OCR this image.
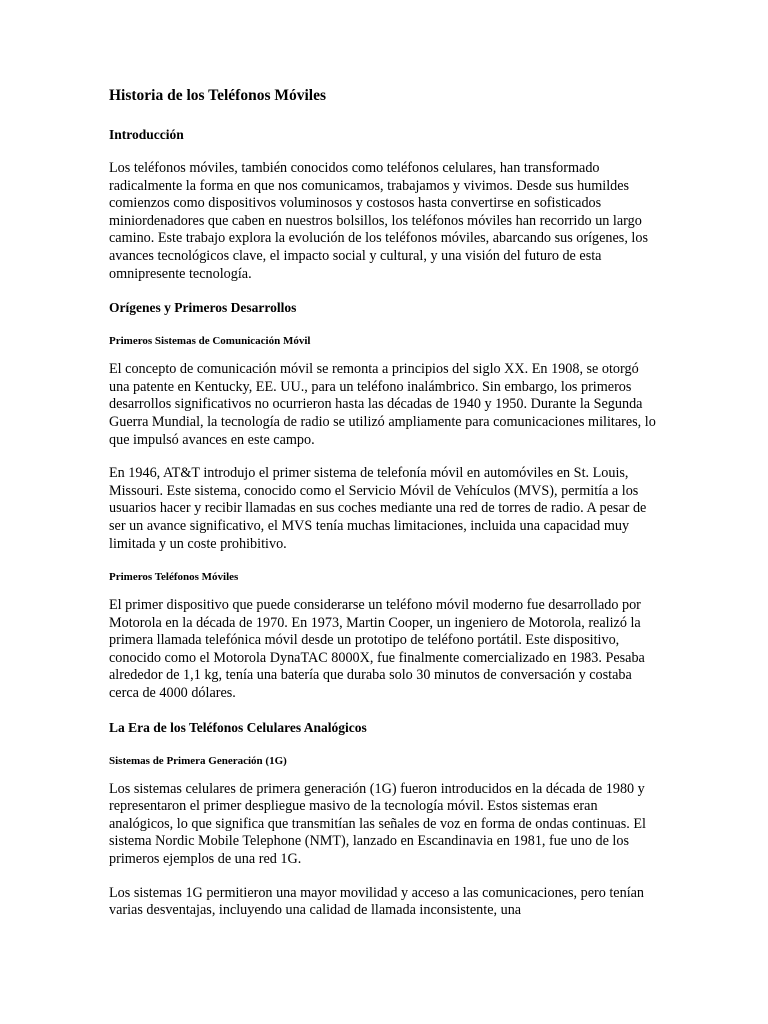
Historia de los Teléfonos Móviles
Introducción

Los teléfonos móviles, también conocidos como teléfonos celulares, han transformado radicalmente la forma en que nos comunicamos, trabajamos y vivimos. Desde sus humildes comienzos como dispositivos voluminosos y costosos hasta convertirse en sofisticados miniordenadores que caben en nuestros bolsillos, los teléfonos móviles han recorrido un largo camino. Este trabajo explora la evolución de los teléfonos móviles, abarcando sus orígenes, los avances tecnológicos clave, el impacto social y cultural, y una visión del futuro de esta omnipresente tecnología.

Orígenes y Primeros Desarrollos
Primeros Sistemas de Comunicación Móvil

El concepto de comunicación móvil se remonta a principios del siglo XX. En 1908, se otorgó una patente en Kentucky, EE. UU., para un teléfono inalámbrico. Sin embargo, los primeros desarrollos significativos no ocurrieron hasta las décadas de 1940 y 1950. Durante la Segunda Guerra Mundial, la tecnología de radio se utilizó ampliamente para comunicaciones militares, lo que impulsó avances en este campo.

En 1946, AT&T introdujo el primer sistema de telefonía móvil en automóviles en St. Louis, Missouri. Este sistema, conocido como el Servicio Móvil de Vehículos (MVS), permitía a los usuarios hacer y recibir llamadas en sus coches mediante una red de torres de radio. A pesar de ser un avance significativo, el MVS tenía muchas limitaciones, incluida una capacidad muy limitada y un coste prohibitivo.

Primeros Teléfonos Móviles

El primer dispositivo que puede considerarse un teléfono móvil moderno fue desarrollado por Motorola en la década de 1970. En 1973, Martin Cooper, un ingeniero de Motorola, realizó la primera llamada telefónica móvil desde un prototipo de teléfono portátil. Este dispositivo, conocido como el Motorola DynaTAC 8000X, fue finalmente comercializado en 1983. Pesaba alrededor de 1,1 kg, tenía una batería que duraba solo 30 minutos de conversación y costaba cerca de 4000 dólares.

La Era de los Teléfonos Celulares Analógicos
Sistemas de Primera Generación (1G)

Los sistemas celulares de primera generación (1G) fueron introducidos en la década de 1980 y representaron el primer despliegue masivo de la tecnología móvil. Estos sistemas eran analógicos, lo que significa que transmitían las señales de voz en forma de ondas continuas. El sistema Nordic Mobile Telephone (NMT), lanzado en Escandinavia en 1981, fue uno de los primeros ejemplos de una red 1G.

Los sistemas 1G permitieron una mayor movilidad y acceso a las comunicaciones, pero tenían varias desventajas, incluyendo una calidad de llamada inconsistente, una
